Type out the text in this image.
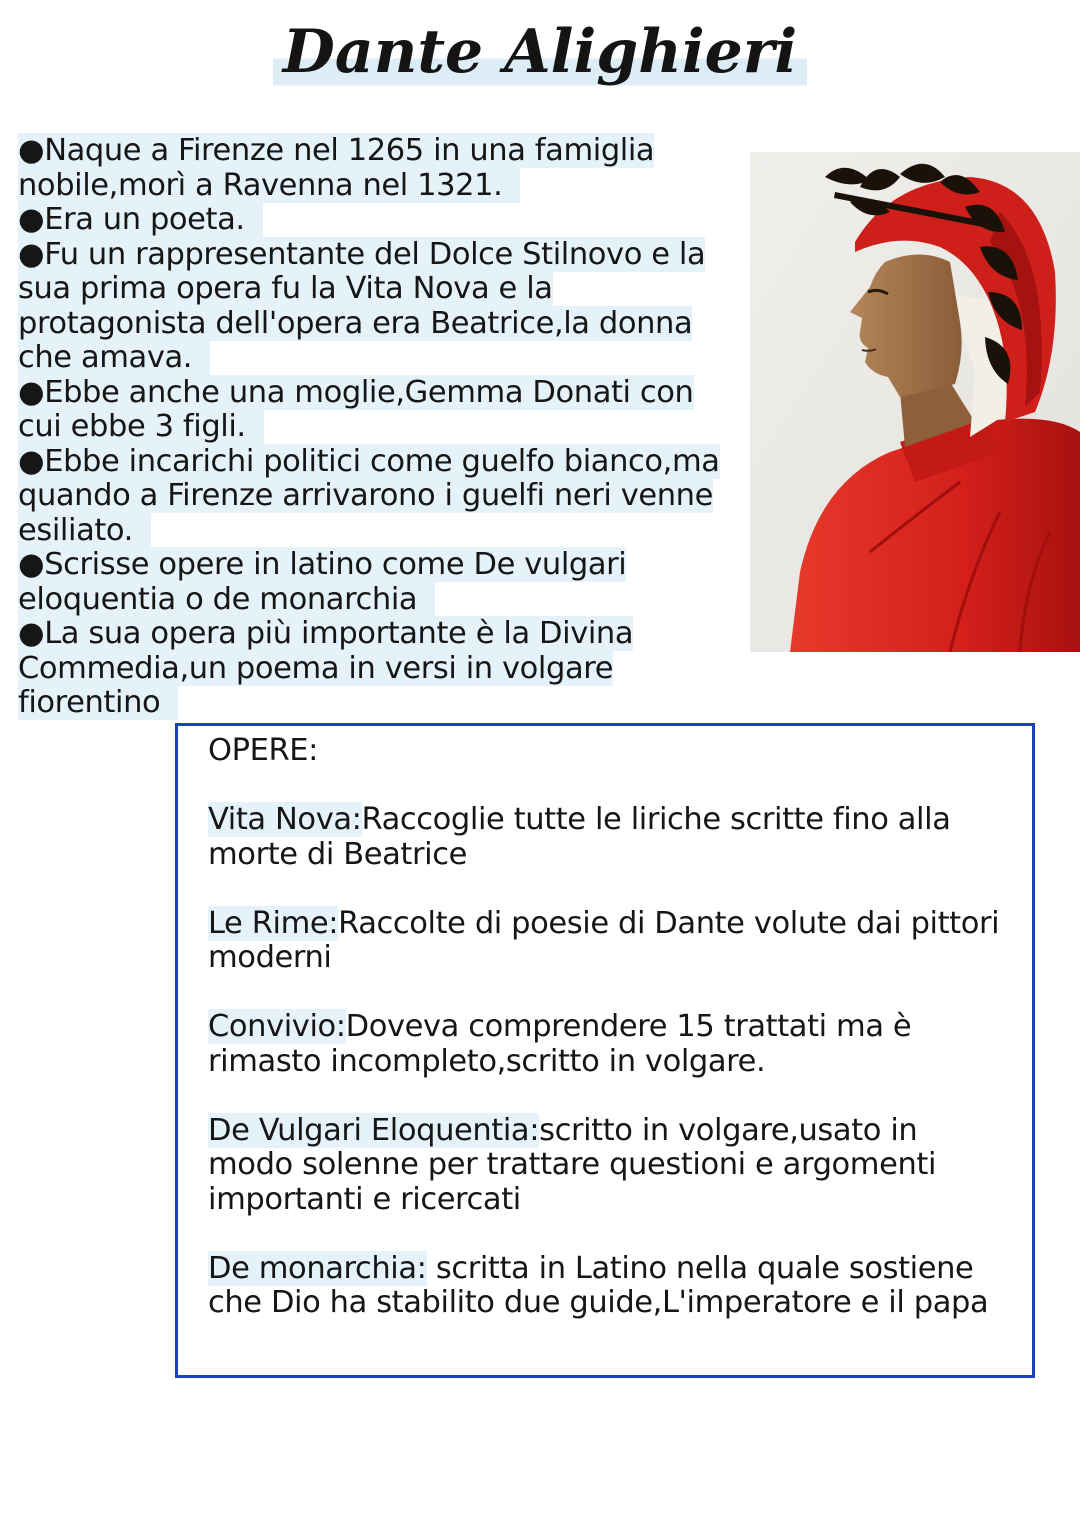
Dante Alighieri

●Naque a Firenze nel 1265 in una famiglia nobile,morì a Ravenna nel 1321.

●Era un poeta.

●Fu un rappresentante del Dolce Stilnovo e la sua prima opera fu la Vita Nova e la protagonista dell'opera era Beatrice,la donna che amava.

●Ebbe anche una moglie,Gemma Donati con cui ebbe 3 figli.

●Ebbe incarichi politici come guelfo bianco,ma quando a Firenze arrivarono i guelfi neri venne esiliato.

●Scrisse opere in latino come De vulgari eloquentia o de monarchia

●La sua opera più importante è la Divina Commedia,un poema in versi in volgare fiorentino

OPERE:

Vita Nova:Raccoglie tutte le liriche scritte fino alla morte di Beatrice

Le Rime:Raccolte di poesie di Dante volute dai pittori moderni

Convivio:Doveva comprendere 15 trattati ma è rimasto incompleto,scritto in volgare.

De Vulgari Eloquentia:scritto in volgare,usato in modo solenne per trattare questioni e argomenti importanti e ricercati

De monarchia: scritta in Latino nella quale sostiene che Dio ha stabilito due guide,L'imperatore e il papa
